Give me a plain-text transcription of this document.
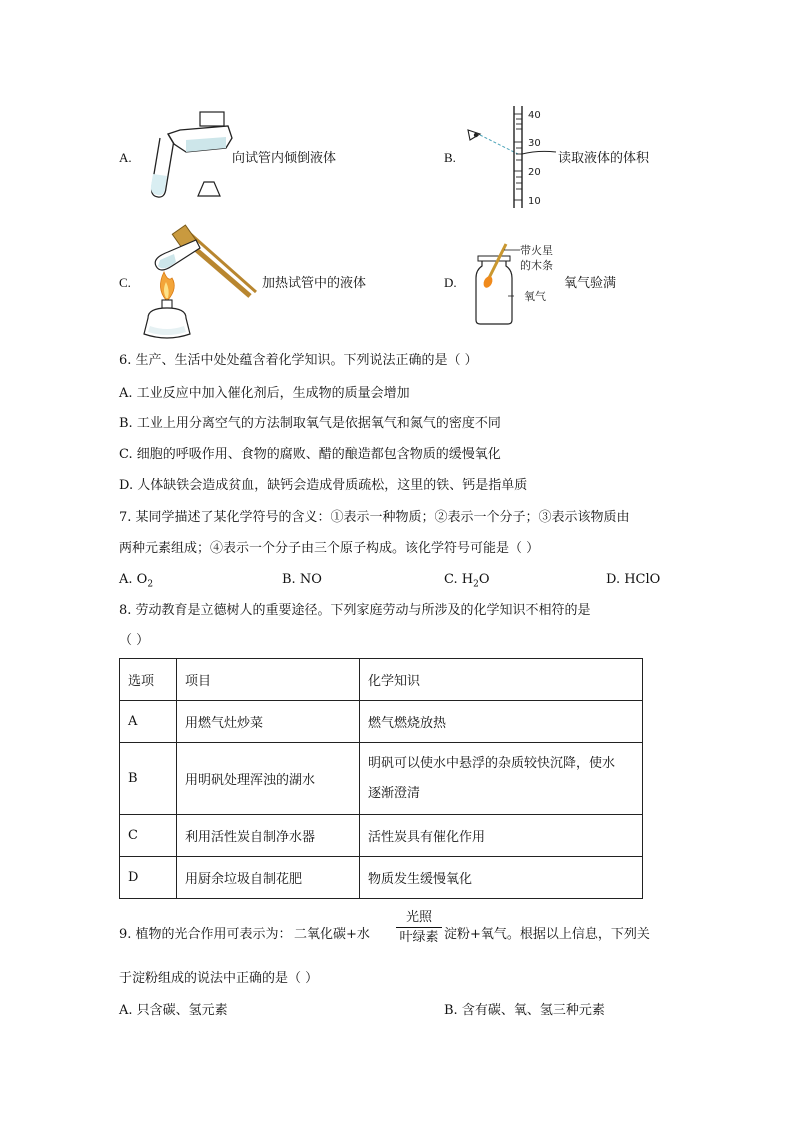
A.	向试管内倾倒液体	B.
40
30
20
10
读取液体的体积
C.	加热试管中的液体	D.
带火星
的木条
氧气
氧气验满
6. 生产、生活中处处蕴含着化学知识。下列说法正确的是（ ）
A. 工业反应中加入催化剂后，生成物的质量会增加
B. 工业上用分离空气的方法制取氧气是依据氧气和氮气的密度不同
C. 细胞的呼吸作用、食物的腐败、醋的酿造都包含物质的缓慢氧化
D. 人体缺铁会造成贫血，缺钙会造成骨质疏松，这里的铁、钙是指单质
7. 某同学描述了某化学符号的含义：①表示一种物质；②表示一个分子；③表示该物质由
两种元素组成；④表示一个分子由三个原子构成。该化学符号可能是（ ）
A. $O_2$	B. NO	C. $H_2O$	D. HClO
8. 劳动教育是立德树人的重要途径。下列家庭劳动与所涉及的化学知识不相符的是
（ ）
选项	项目	化学知识
A	用燃气灶炒菜	燃气燃烧放热
B	用明矾处理浑浊的湖水	明矾可以使水中悬浮的杂质较快沉降，使水
逐渐澄清

C	利用活性炭自制净水器	活性炭具有催化作用
D	用厨余垃圾自制花肥	物质发生缓慢氧化
9. 植物的光合作用可表示为： 二氧化碳+水
光照
叶绿素 淀粉+氧气。根据以上信息，下列关
于淀粉组成的说法中正确的是（ ）
A. 只含碳、氢元素	B. 含有碳、氧、氢三种元素
